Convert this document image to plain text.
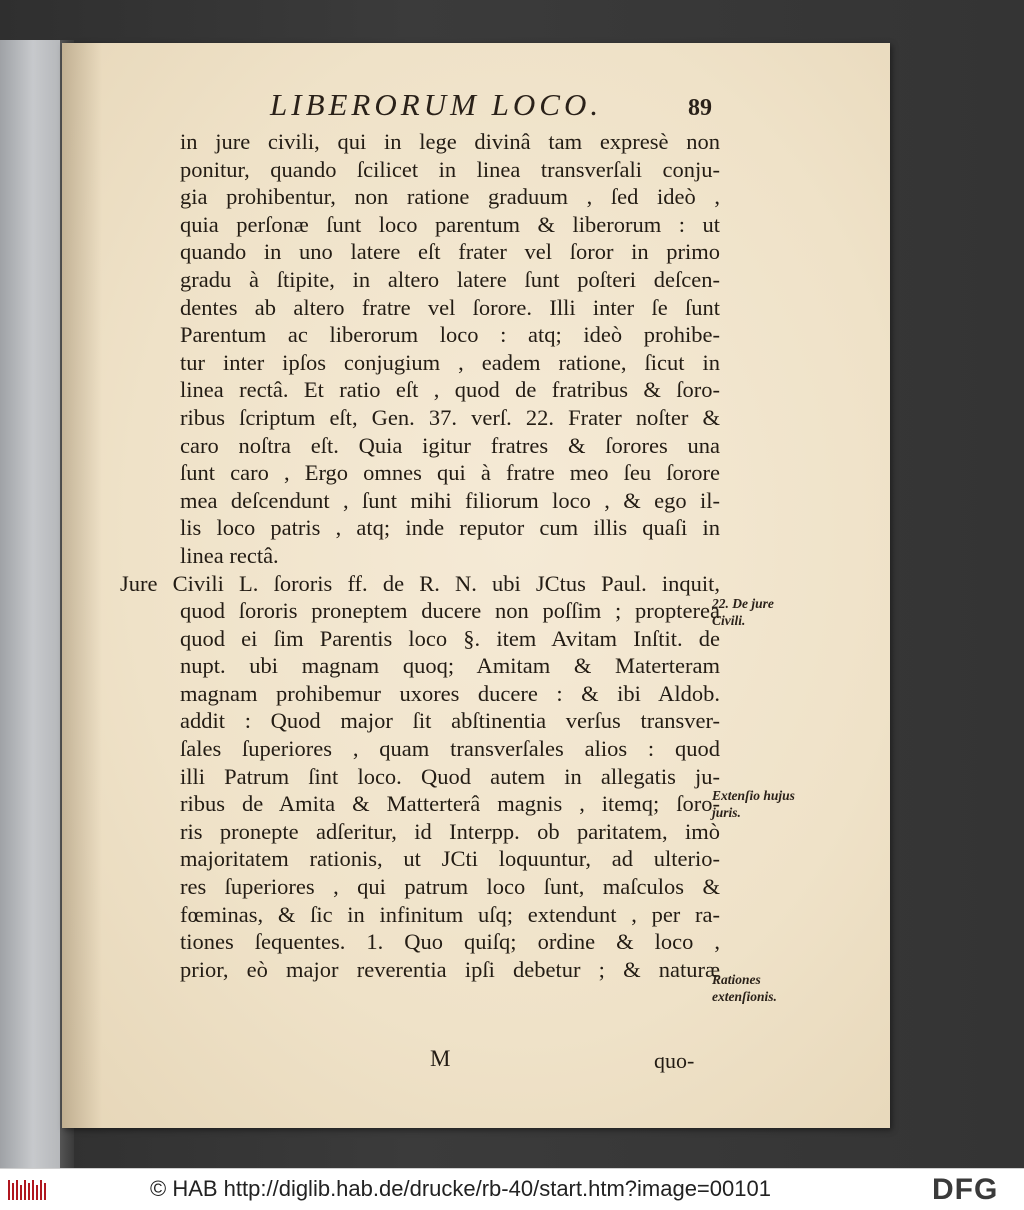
LIBERORUM LOCO.	89
in jure civili, qui in lege divinâ tam expresè non
ponitur, quando ſcilicet in linea transverſali conju-
gia prohibentur, non ratione graduum , ſed ideò ,
quia perſonæ ſunt loco parentum & liberorum : ut
quando in uno latere eſt frater vel ſoror in primo
gradu à ſtipite, in altero latere ſunt poſteri deſcen-
dentes ab altero fratre vel ſorore. Illi inter ſe ſunt
Parentum ac liberorum loco : atq; ideò prohibe-
tur inter ipſos conjugium , eadem ratione, ſicut in
linea rectâ. Et ratio eſt , quod de fratribus & ſoro-
ribus ſcriptum eſt, Gen. 37. verſ. 22. Frater noſter &
caro noſtra eſt. Quia igitur fratres & ſorores una
ſunt caro , Ergo omnes qui à fratre meo ſeu ſorore
mea deſcendunt , ſunt mihi filiorum loco , & ego il-
lis loco patris , atq; inde reputor cum illis quaſi in
linea rectâ.
Jure Civili L. ſororis ff. de R. N. ubi JCtus Paul. inquit,
quod ſororis proneptem ducere non poſſim ; propterea
quod ei ſim Parentis loco §. item Avitam Inſtit. de
nupt. ubi magnam quoq; Amitam & Materteram
magnam prohibemur uxores ducere : & ibi Aldob.
addit : Quod major ſit abſtinentia verſus transver-
ſales ſuperiores , quam transverſales alios : quod
illi Patrum ſint loco. Quod autem in allegatis ju-
ribus de Amita & Matterterâ magnis , itemq; ſoro-
ris pronepte adſeritur, id Interpp. ob paritatem, imò
majoritatem rationis, ut JCti loquuntur, ad ulterio-
res ſuperiores , qui patrum loco ſunt, maſculos &
fœminas, & ſic in infinitum uſq; extendunt , per ra-
tiones ſequentes. 1. Quo quiſq; ordine & loco ,
prior, eò major reverentia ipſi debetur ; & naturæ
22. De jure Civili.
Extenſio hujus juris.
Rationes extenſionis.
M	quo-
© HAB http://diglib.hab.de/drucke/rb-40/start.htm?image=00101	DFG
